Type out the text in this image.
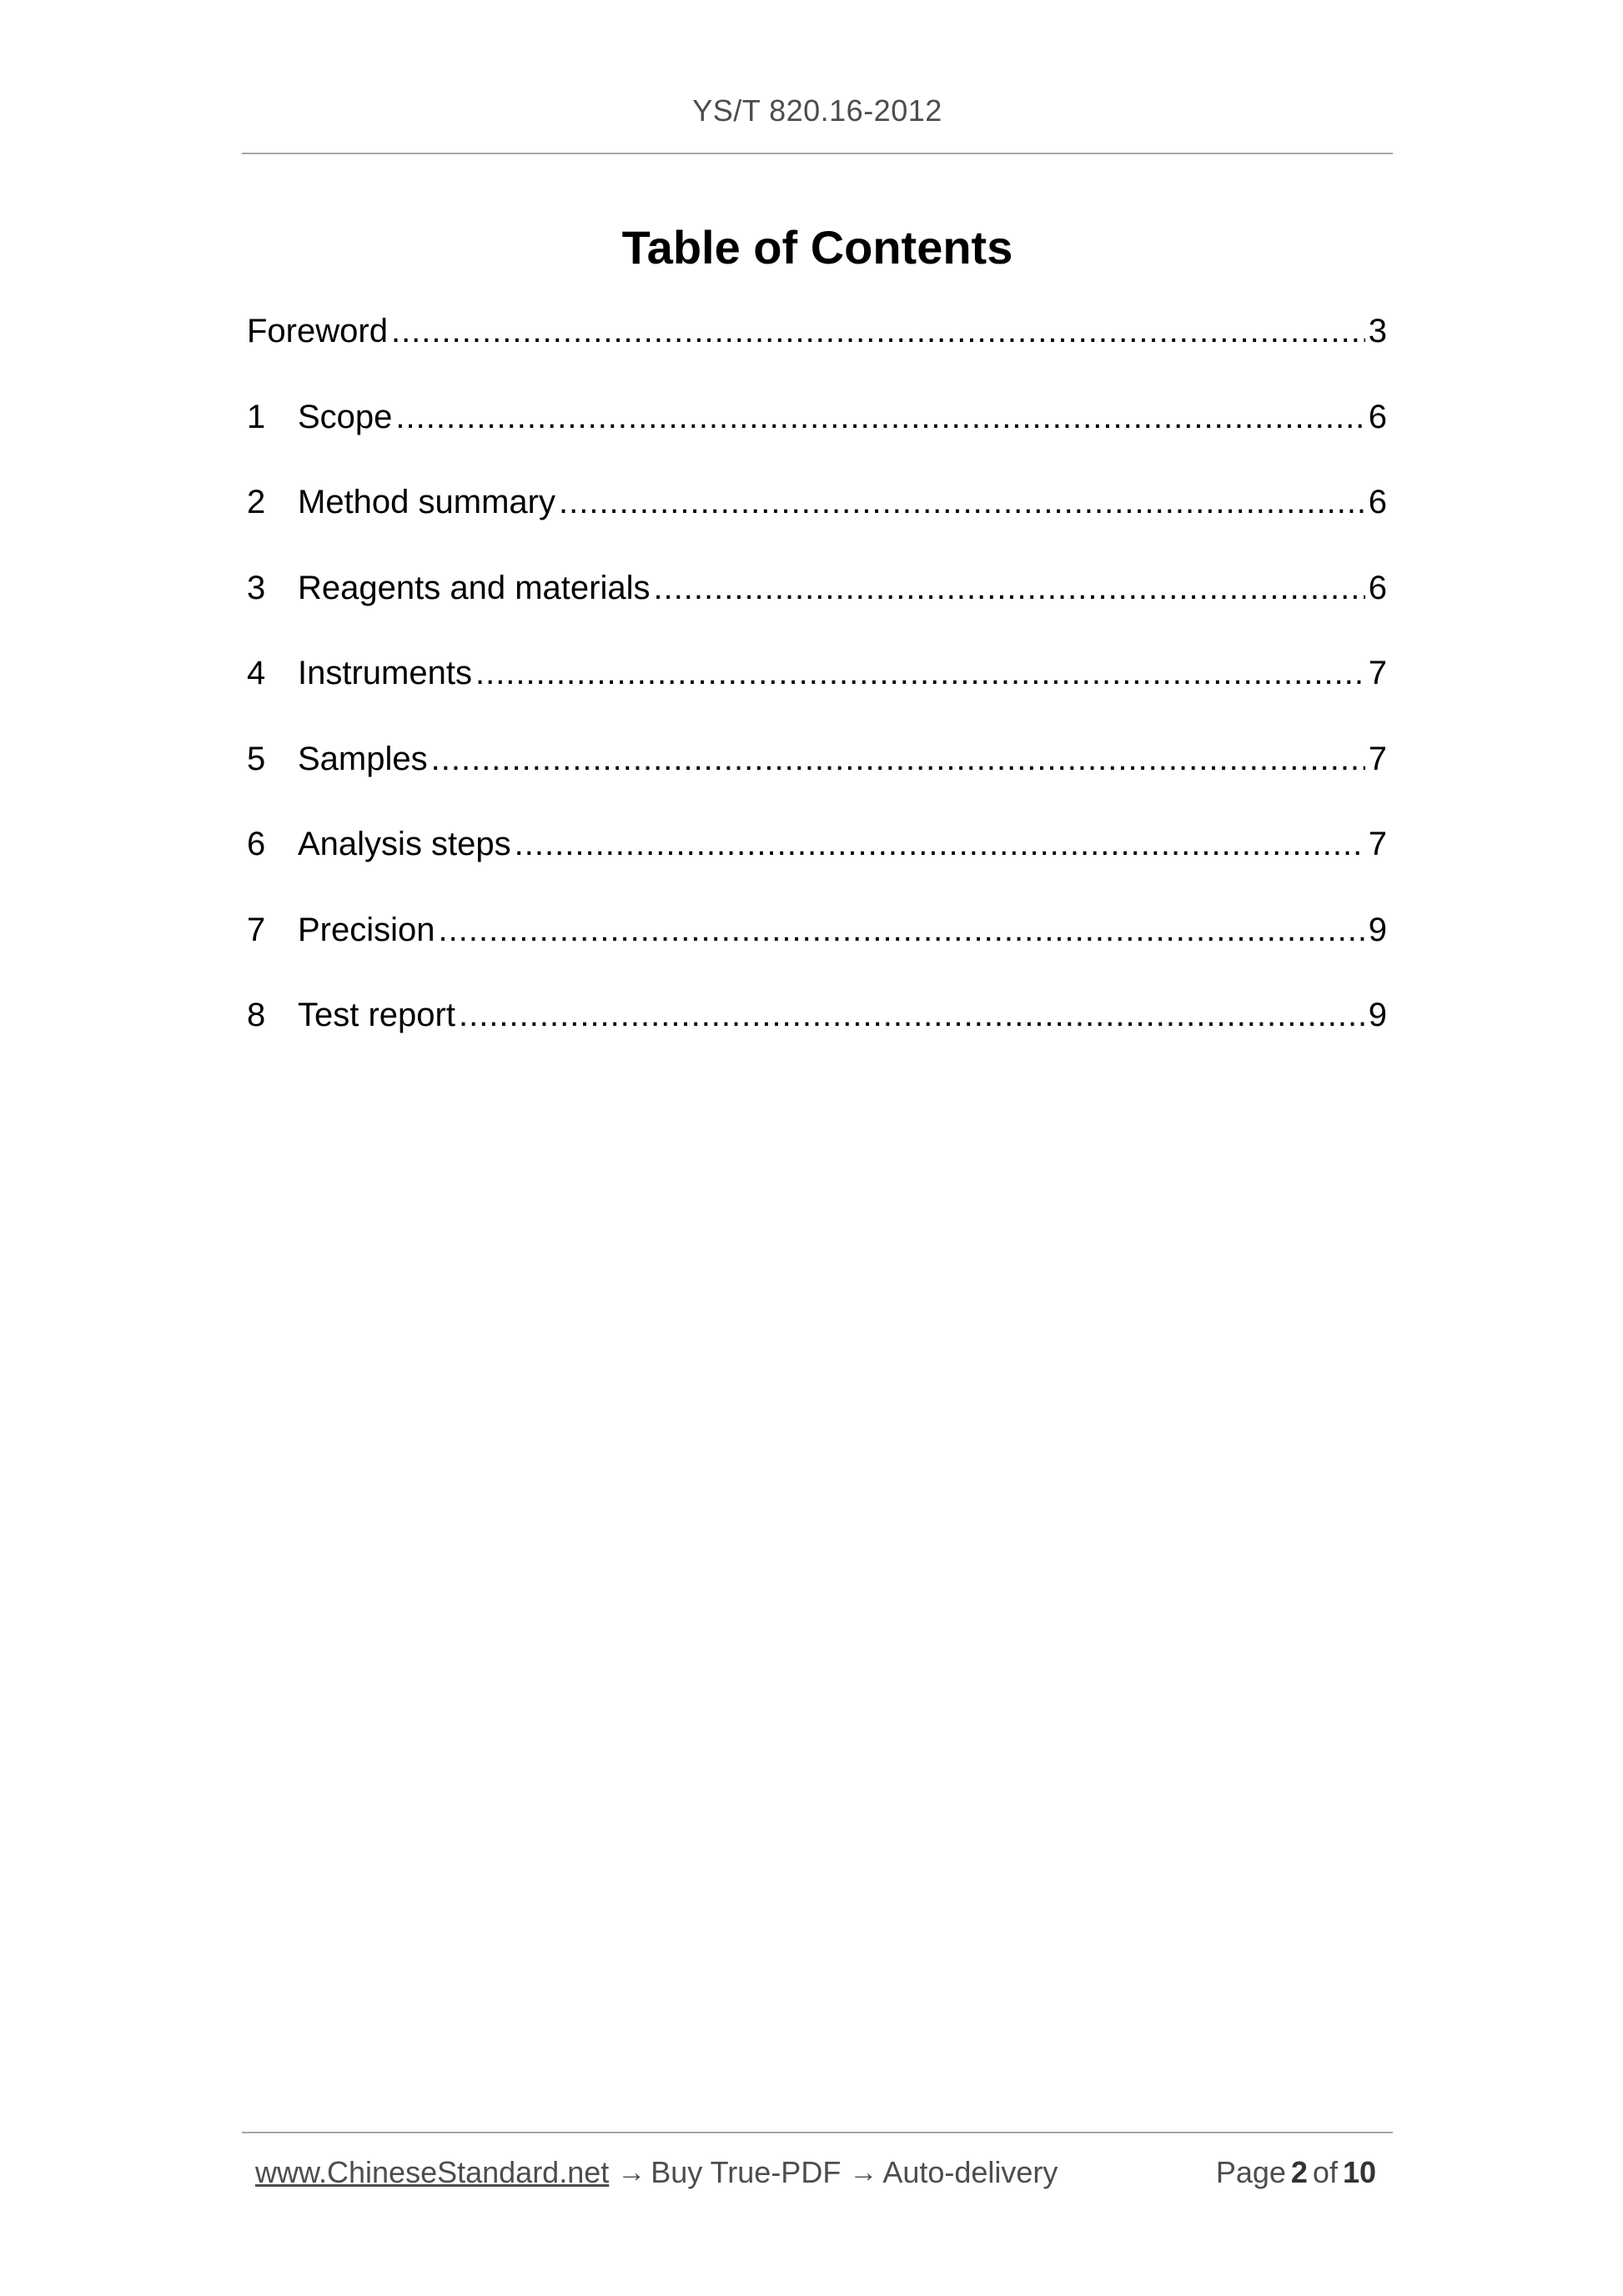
YS/T 820.16-2012
Table of Contents
Foreword .....	3
1 Scope .....	6
2 Method summary .....	6
3 Reagents and materials .....	6
4 Instruments .....	7
5 Samples .....	7
6 Analysis steps .....	7
7 Precision .....	9
8 Test report .....	9
www.ChineseStandard.net → Buy True-PDF → Auto-delivery	Page 2 of 10
